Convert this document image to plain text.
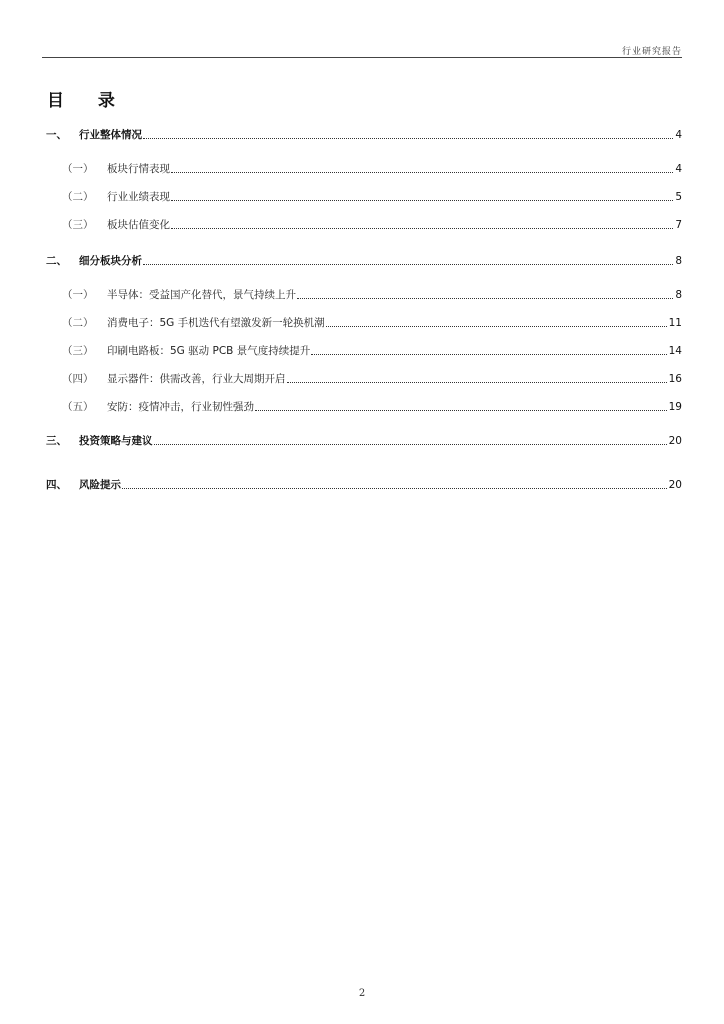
行业研究报告
目 录
一、	行业整体情况	4
（一）	板块行情表现	4
（二）	行业业绩表现	5
（三）	板块估值变化	7
二、	细分板块分析	8
（一）	半导体：受益国产化替代，景气持续上升	8
（二）	消费电子：5G 手机迭代有望激发新一轮换机潮	11
（三）	印刷电路板：5G 驱动 PCB 景气度持续提升	14
（四）	显示器件：供需改善，行业大周期开启	16
（五）	安防：疫情冲击，行业韧性强劲	19
三、	投资策略与建议	20
四、	风险提示	20
2
